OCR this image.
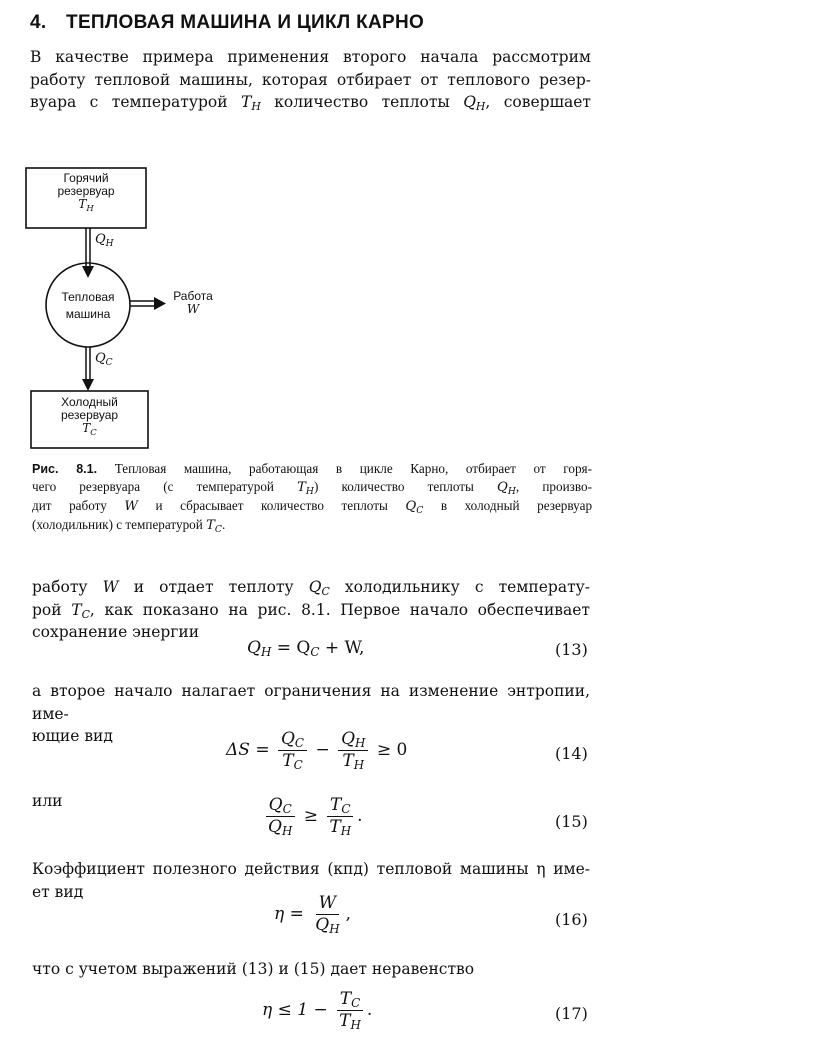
4. ТЕПЛОВАЯ МАШИНА И ЦИКЛ КАРНО
В качестве примера применения второго начала рассмотрим
работу тепловой машины, которая отбирает от теплового резер-
вуара с температурой $T_H$ количество теплоты $Q_H$, совершает
Горячий
резервуар
$T_H$
$Q_H$
Тепловая
машина
Работа
W
$Q_C$
Холодный
резервуар
$T_C$
Рис. 8.1. Тепловая машина, работающая в цикле Карно, отбирает от горя-
чего резервуара (с температурой $T_H$) количество теплоты $Q_H$, произво-
дит работу W и сбрасывает количество теплоты $Q_C$ в холодный резервуар
(холодильник) с температурой $T_C$.
работу W и отдает теплоту $Q_C$ холодильнику с температу-
рой $T_C$, как показано на рис. 8.1. Первое начало обеспечивает
сохранение энергии
$Q_H = Q_C + W$,	(13)
а второе начало налагает ограничения на изменение энтропии, име-
ющие вид
$\Delta S = \frac{Q_C}{T_C} - \frac{Q_H}{T_H} \ge 0$	(14)
или	$\frac{Q_C}{Q_H} \ge \frac{T_C}{T_H}$ .	(15)
Коэффициент полезного действия (кпд) тепловой машины η име-
ет вид
$\eta = \frac{W}{Q_H}$ ,	(16)
что с учетом выражений (13) и (15) дает неравенство
$\eta \le 1 - \frac{T_C}{T_H}$ .	(17)
